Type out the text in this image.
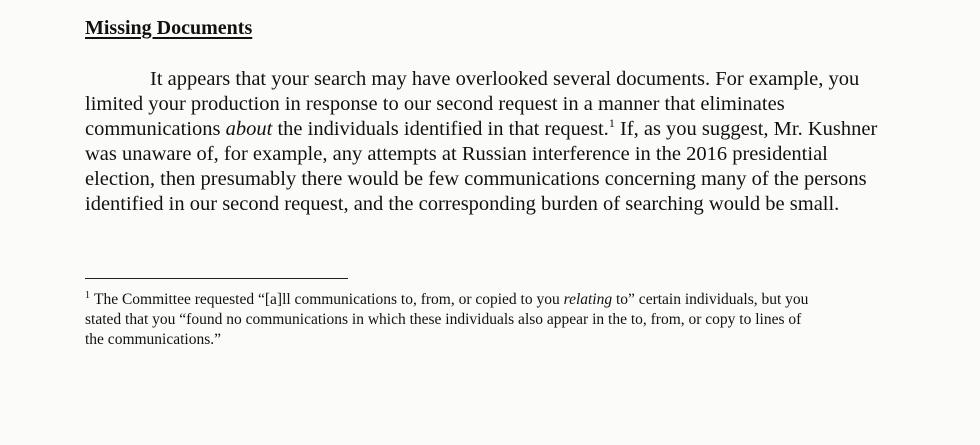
Missing Documents
It appears that your search may have overlooked several documents. For example, you
limited your production in response to our second request in a manner that eliminates
communications about the individuals identified in that request.$^1$ If, as you suggest, Mr. Kushner
was unaware of, for example, any attempts at Russian interference in the 2016 presidential
election, then presumably there would be few communications concerning many of the persons
identified in our second request, and the corresponding burden of searching would be small.
$^1$ The Committee requested “[a]ll communications to, from, or copied to you relating to” certain individuals, but you
stated that you “found no communications in which these individuals also appear in the to, from, or copy to lines of
the communications.”
